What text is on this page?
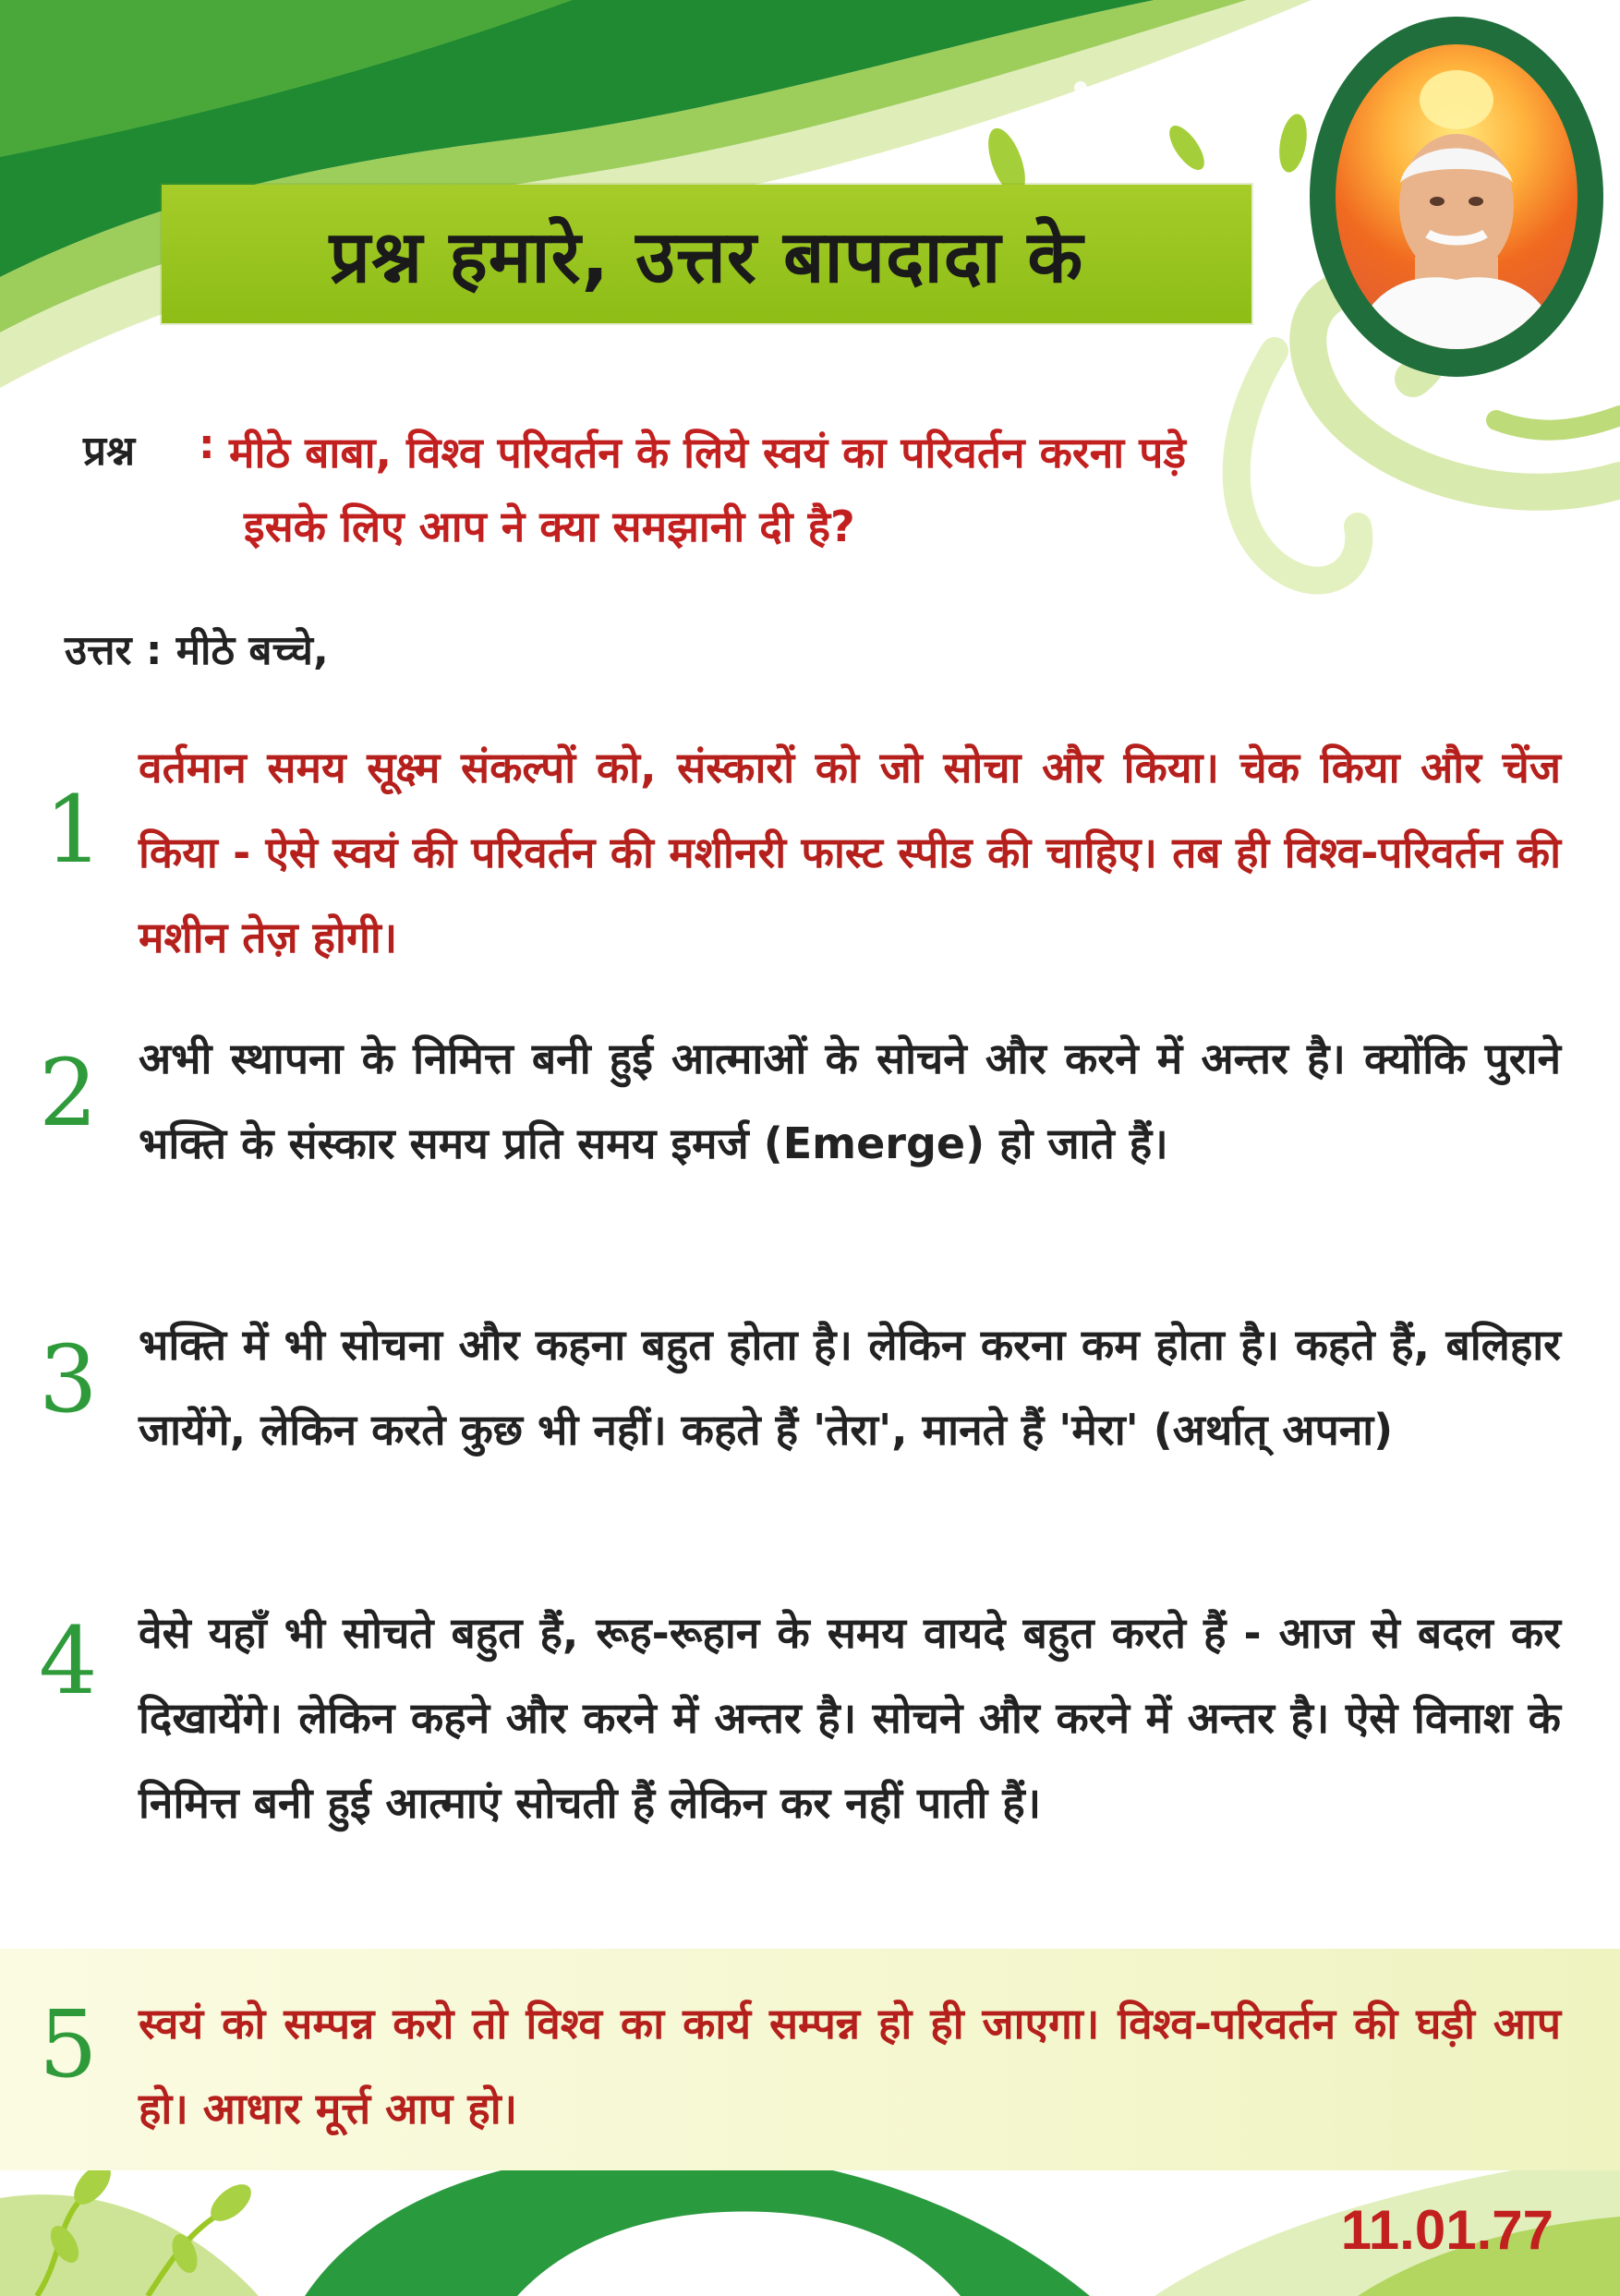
प्रश्न हमारे, उत्तर बापदादा के
प्रश्न : मीठे बाबा, विश्व परिवर्तन के लिये स्वयं का परिवर्तन करना पड़े
इसके लिए आप ने क्या समझानी दी है?
उत्तर : मीठे बच्चे,
1
वर्तमान समय सूक्ष्म संकल्पों को, संस्कारों को जो सोचा और किया। चेक किया और चेंज किया - ऐसे स्वयं की परिवर्तन की मशीनरी फास्ट स्पीड की चाहिए। तब ही विश्व-परिवर्तन की मशीन तेज़ होगी।
2 अभी स्थापना के निमित्त बनी हुई आत्माओं के सोचने और करने में अन्तर है। क्योंकि पुराने भक्ति के संस्कार समय प्रति समय इमर्ज (Emerge) हो जाते हैं।
3 भक्ति में भी सोचना और कहना बहुत होता है। लेकिन करना कम होता है। कहते हैं, बलिहार जायेंगे, लेकिन करते कुछ भी नहीं। कहते हैं 'तेरा', मानते हैं 'मेरा' (अर्थात् अपना)
4 वेसे यहाँ भी सोचते बहुत हैं, रूह-रूहान के समय वायदे बहुत करते हैं - आज से बदल कर दिखायेंगे। लेकिन कहने और करने में अन्तर है। सोचने और करने में अन्तर है। ऐसे विनाश के निमित्त बनी हुई आत्माएं सोचती हैं लेकिन कर नहीं पाती हैं।
5 स्वयं को सम्पन्न करो तो विश्व का कार्य सम्पन्न हो ही जाएगा। विश्व-परिवर्तन की घड़ी आप हो। आधार मूर्त्त आप हो।
11.01.77
